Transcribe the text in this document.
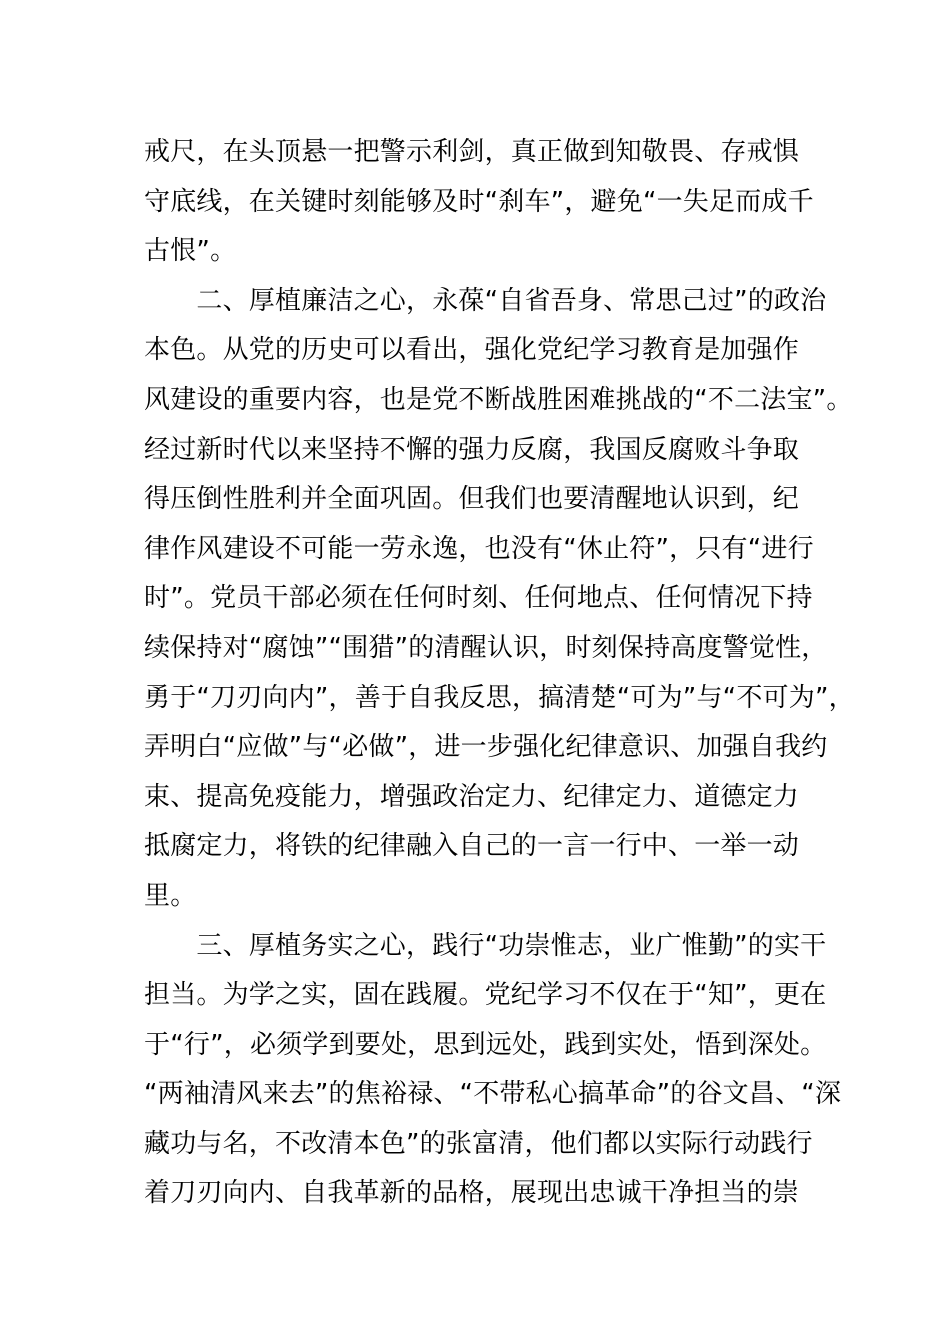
戒尺，在头顶悬一把警示利剑，真正做到知敬畏、存戒惧
守底线，在关键时刻能够及时“刹车”，避免“一失足而成千
古恨”。
　　二、厚植廉洁之心，永葆“自省吾身、常思己过”的政治
本色。从党的历史可以看出，强化党纪学习教育是加强作
风建设的重要内容，也是党不断战胜困难挑战的“不二法宝”。
经过新时代以来坚持不懈的强力反腐，我国反腐败斗争取
得压倒性胜利并全面巩固。但我们也要清醒地认识到，纪
律作风建设不可能一劳永逸，也没有“休止符”，只有“进行
时”。党员干部必须在任何时刻、任何地点、任何情况下持
续保持对“腐蚀”“围猎”的清醒认识，时刻保持高度警觉性，
勇于“刀刃向内”，善于自我反思，搞清楚“可为”与“不可为”，
弄明白“应做”与“必做”，进一步强化纪律意识、加强自我约
束、提高免疫能力，增强政治定力、纪律定力、道德定力
抵腐定力，将铁的纪律融入自己的一言一行中、一举一动
里。
　　三、厚植务实之心，践行“功崇惟志，业广惟勤”的实干
担当。为学之实，固在践履。党纪学习不仅在于“知”，更在
于“行”，必须学到要处，思到远处，践到实处，悟到深处。
“两袖清风来去”的焦裕禄、“不带私心搞革命”的谷文昌、“深
藏功与名，不改清本色”的张富清，他们都以实际行动践行
着刀刃向内、自我革新的品格，展现出忠诚干净担当的崇
